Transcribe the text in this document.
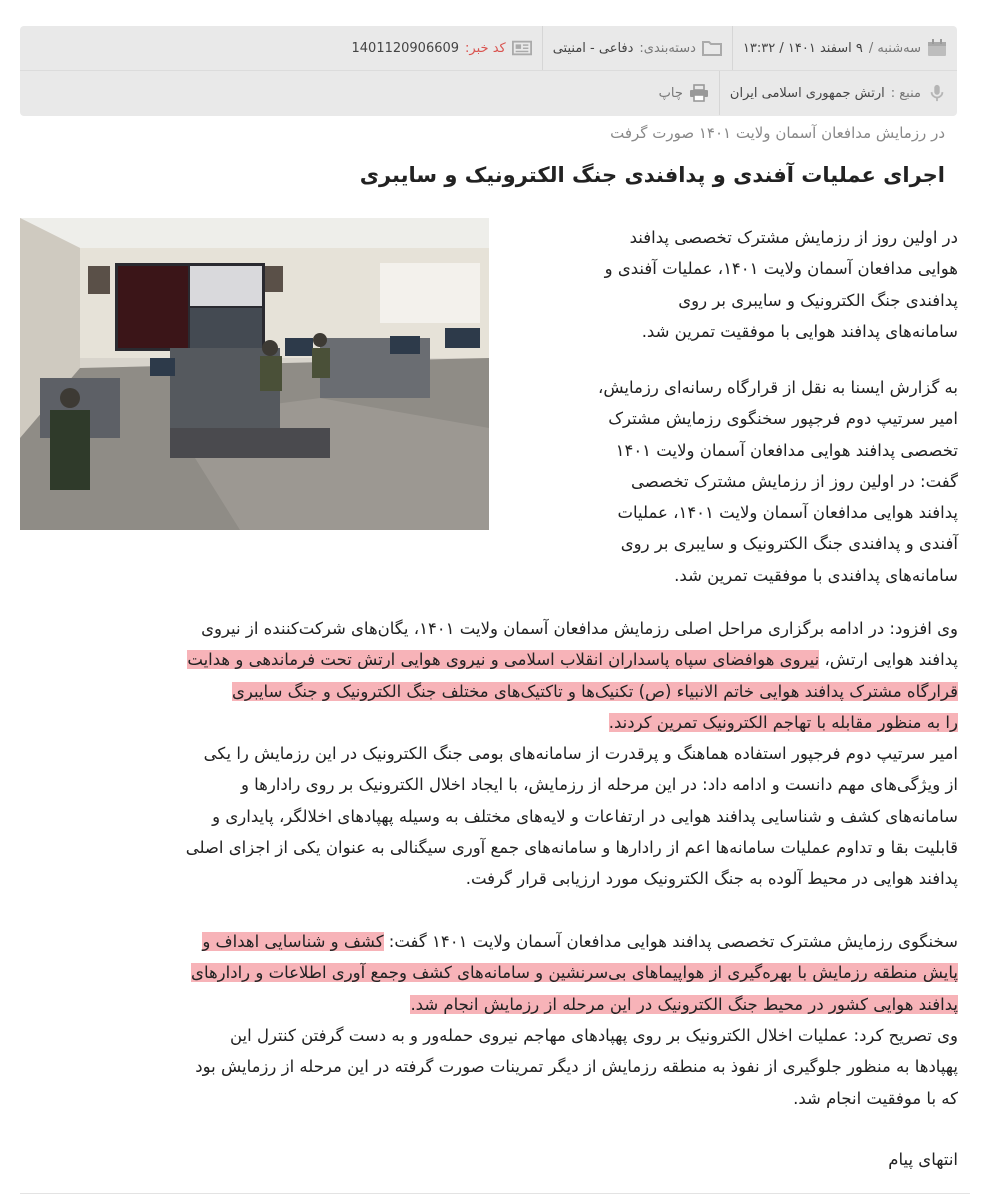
سه‌شنبه /
۹ اسفند ۱۴۰۱ / ۱۳:۳۲
دسته‌بندی:
دفاعی - امنیتی
کد خبر:
1401120906609
منبع :
ارتش جمهوری اسلامی ایران
چاپ
در رزمایش مدافعان آسمان ولایت ۱۴۰۱ صورت گرفت
اجرای عملیات آفندی و پدافندی جنگ الکترونیک و سایبری
در اولین روز از رزمایش مشترک تخصصی پدافند
هوایی مدافعان آسمان ولایت ۱۴۰۱، عملیات آفندی و
پدافندی جنگ الکترونیک و سایبری بر روی
سامانه‌های پدافند هوایی با موفقیت تمرین شد.
به گزارش ایسنا به نقل از قرارگاه رسانه‌ای رزمایش،
امیر سرتیپ دوم فرجپور سخنگوی رزمایش مشترک
تخصصی پدافند هوایی مدافعان آسمان ولایت ۱۴۰۱
گفت: در اولین روز از رزمایش مشترک تخصصی
پدافند هوایی مدافعان آسمان ولایت ۱۴۰۱، عملیات
آفندی و پدافندی جنگ الکترونیک و سایبری بر روی
سامانه‌های پدافندی با موفقیت تمرین شد.
وی افزود: در ادامه برگزاری مراحل اصلی رزمایش مدافعان آسمان ولایت ۱۴۰۱، یگان‌های شرکت‌کننده از نیروی
پدافند هوایی ارتش، نیروی هوافضای سپاه پاسداران انقلاب اسلامی و نیروی هوایی ارتش تحت فرماندهی و هدایت
قرارگاه مشترک پدافند هوایی خاتم الانبیاء (ص) تکنیک‌ها و تاکتیک‌های مختلف جنگ الکترونیک و جنگ سایبری
را به منظور مقابله با تهاجم الکترونیک تمرین کردند.
امیر سرتیپ دوم فرجپور استفاده هماهنگ و پرقدرت از سامانه‌های بومی جنگ الکترونیک در این رزمایش را یکی
از ویژگی‌های مهم دانست و ادامه داد: در این مرحله از رزمایش، با ایجاد اخلال الکترونیک بر روی رادارها و
سامانه‌های کشف و شناسایی پدافند هوایی در ارتفاعات و لایه‌های مختلف به وسیله پهپادهای اخلالگر، پایداری و
قابلیت بقا و تداوم عملیات سامانه‌ها اعم از رادارها و سامانه‌های جمع آوری سیگنالی به عنوان یکی از اجزای اصلی
پدافند هوایی در محیط آلوده به جنگ الکترونیک مورد ارزیابی قرار گرفت.
سخنگوی رزمایش مشترک تخصصی پدافند هوایی مدافعان آسمان ولایت ۱۴۰۱ گفت: کشف و شناسایی اهداف و
پایش منطقه رزمایش با بهره‌گیری از هواپیماهای بی‌سرنشین و سامانه‌های کشف وجمع آوری اطلاعات و رادارهای
پدافند هوایی کشور در محیط جنگ الکترونیک در این مرحله از رزمایش انجام شد.
وی تصریح کرد: عملیات اخلال الکترونیک بر روی پهپادهای مهاجم نیروی حمله‌ور و به دست گرفتن کنترل این
پهپادها به منظور جلوگیری از نفوذ به منطقه رزمایش از دیگر تمرینات صورت گرفته در این مرحله از رزمایش بود
که با موفقیت انجام شد.
انتهای پیام
